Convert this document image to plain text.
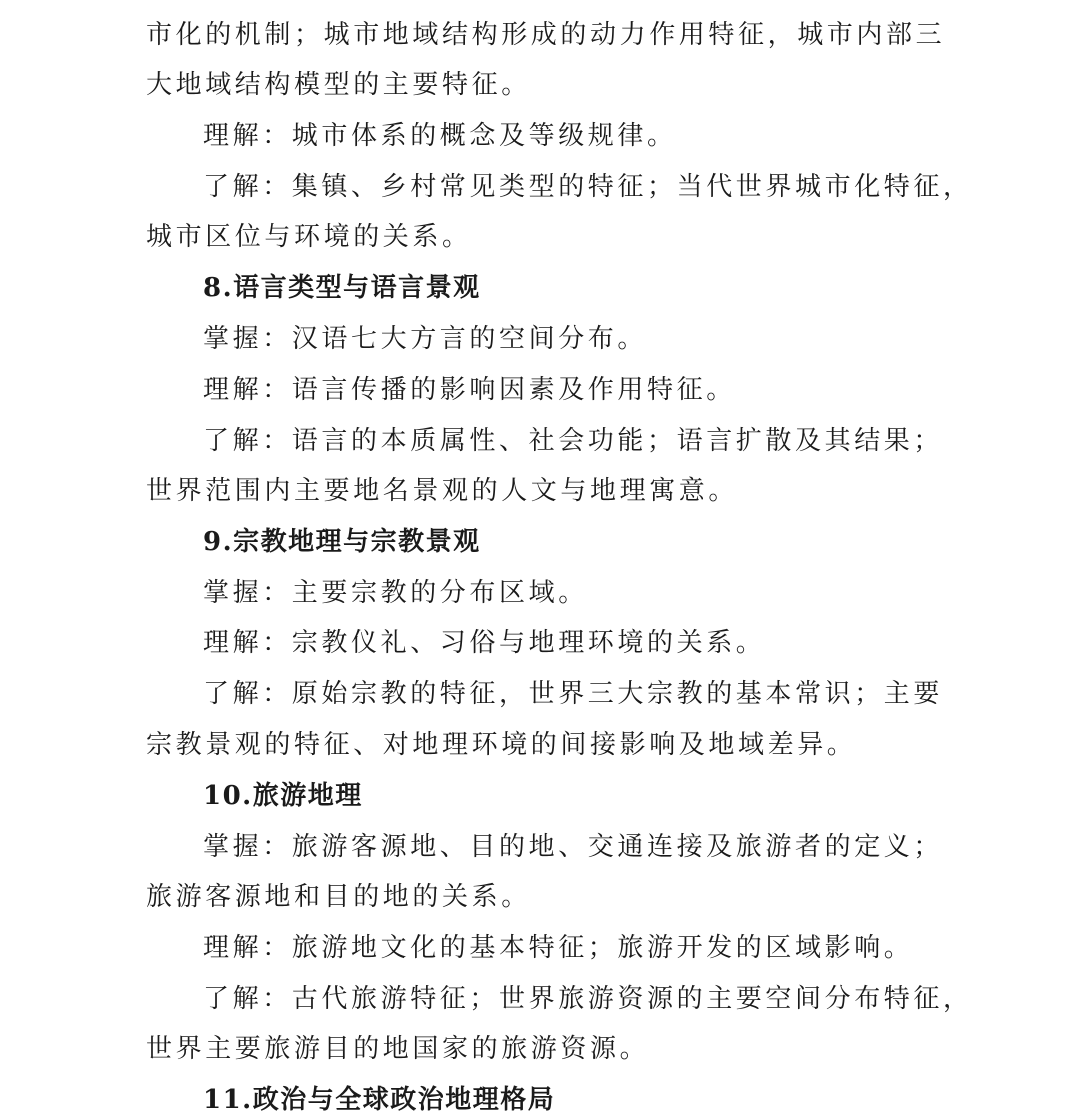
市化的机制；城市地域结构形成的动力作用特征，城市内部三
大地域结构模型的主要特征。
理解：城市体系的概念及等级规律。
了解：集镇、乡村常见类型的特征；当代世界城市化特征，
城市区位与环境的关系。
8.语言类型与语言景观
掌握：汉语七大方言的空间分布。
理解：语言传播的影响因素及作用特征。
了解：语言的本质属性、社会功能；语言扩散及其结果；
世界范围内主要地名景观的人文与地理寓意。
9.宗教地理与宗教景观
掌握：主要宗教的分布区域。
理解：宗教仪礼、习俗与地理环境的关系。
了解：原始宗教的特征，世界三大宗教的基本常识；主要
宗教景观的特征、对地理环境的间接影响及地域差异。
10.旅游地理
掌握：旅游客源地、目的地、交通连接及旅游者的定义；
旅游客源地和目的地的关系。
理解：旅游地文化的基本特征；旅游开发的区域影响。
了解：古代旅游特征；世界旅游资源的主要空间分布特征，
世界主要旅游目的地国家的旅游资源。
11.政治与全球政治地理格局
